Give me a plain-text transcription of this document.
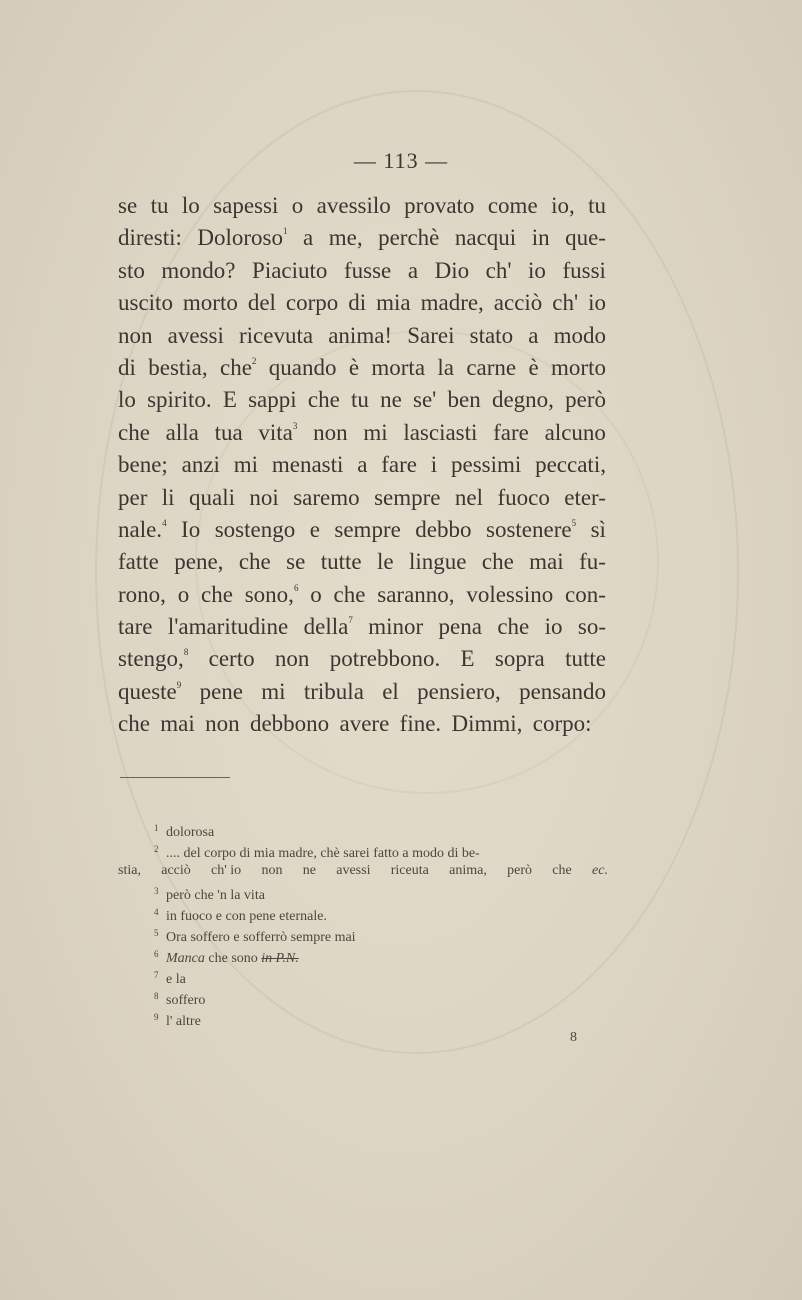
— 113 —
se tu lo sapessi o avessilo provato come io, tu
diresti: Doloroso$^1$ a me, perchè nacqui in que-
sto mondo? Piaciuto fusse a Dio ch' io fussi
uscito morto del corpo di mia madre, acciò ch' io
non avessi ricevuta anima! Sarei stato a modo
di bestia, che$^2$ quando è morta la carne è morto
lo spirito. E sappi che tu ne se' ben degno, però
che alla tua vita$^3$ non mi lasciasti fare alcuno
bene; anzi mi menasti a fare i pessimi peccati,
per li quali noi saremo sempre nel fuoco eter-
nale.$^4$ Io sostengo e sempre debbo sostenere$^5$ sì
fatte pene, che se tutte le lingue che mai fu-
rono, o che sono,$^6$ o che saranno, volessino con-
tare l'amaritudine della$^7$ minor pena che io so-
stengo,$^8$ certo non potrebbono. E sopra tutte
queste$^9$ pene mi tribula el pensiero, pensando
che mai non debbono avere fine. Dimmi, corpo:
1 dolorosa
2 .... del corpo di mia madre, chè sarei fatto a modo di be-
stia, acciò ch' io non ne avessi riceuta anima, però che ec.
3 però che 'n la vita
4 in fuoco e con pene eternale.
5 Ora soffero e sofferrò sempre mai
6 Manca che sono in P.N.
7 e la
8 soffero
9 l' altre
8
